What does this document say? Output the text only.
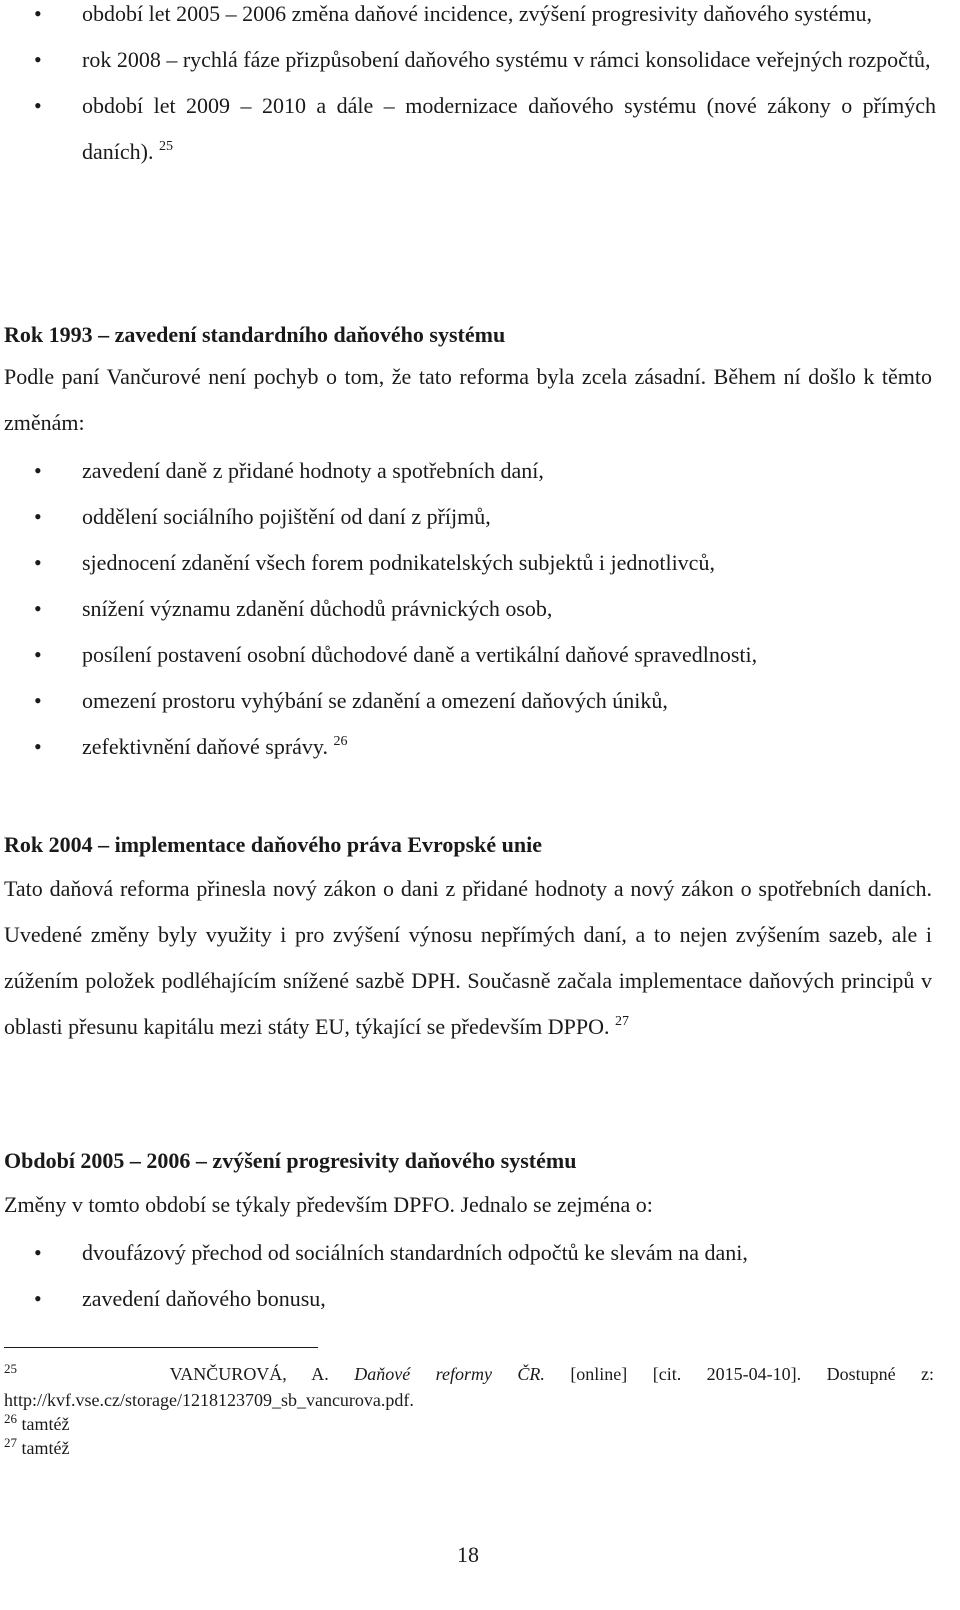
• období let 2005 – 2006 změna daňové incidence, zvýšení progresivity daňového systému,
• rok 2008 – rychlá fáze přizpůsobení daňového systému v rámci konsolidace veřejných rozpočtů,
• období let 2009 – 2010 a dále – modernizace daňového systému (nové zákony o přímých daních). $^{25}$
Rok 1993 – zavedení standardního daňového systému

Podle paní Vančurové není pochyb o tom, že tato reforma byla zcela zásadní. Během ní došlo k těmto změnám:

• zavedení daně z přidané hodnoty a spotřebních daní,
• oddělení sociálního pojištění od daní z příjmů,
• sjednocení zdanění všech forem podnikatelských subjektů i jednotlivců,
• snížení významu zdanění důchodů právnických osob,
• posílení postavení osobní důchodové daně a vertikální daňové spravedlnosti,
• omezení prostoru vyhýbání se zdanění a omezení daňových úniků,
• zefektivnění daňové správy. $^{26}$
Rok 2004 – implementace daňového práva Evropské unie

Tato daňová reforma přinesla nový zákon o dani z přidané hodnoty a nový zákon o spotřebních daních. Uvedené změny byly využity i pro zvýšení výnosu nepřímých daní, a to nejen zvýšením sazeb, ale i zúžením položek podléhajícím snížené sazbě DPH. Současně začala implementace daňových principů v oblasti přesunu kapitálu mezi státy EU, týkající se především DPPO. $^{27}$

Období 2005 – 2006 – zvýšení progresivity daňového systému

Změny v tomto období se týkaly především DPFO. Jednalo se zejména o:

• dvoufázový přechod od sociálních standardních odpočtů ke slevám na dani,
• zavedení daňového bonusu,

$^{25}$	VANČUROVÁ, A. Daňové reformy ČR. [online] [cit. 2015-04-10]. Dostupné z:

http://kvf.vse.cz/storage/1218123709_sb_vancurova.pdf.

$^{26}$ tamtéž

$^{27}$ tamtéž

18
